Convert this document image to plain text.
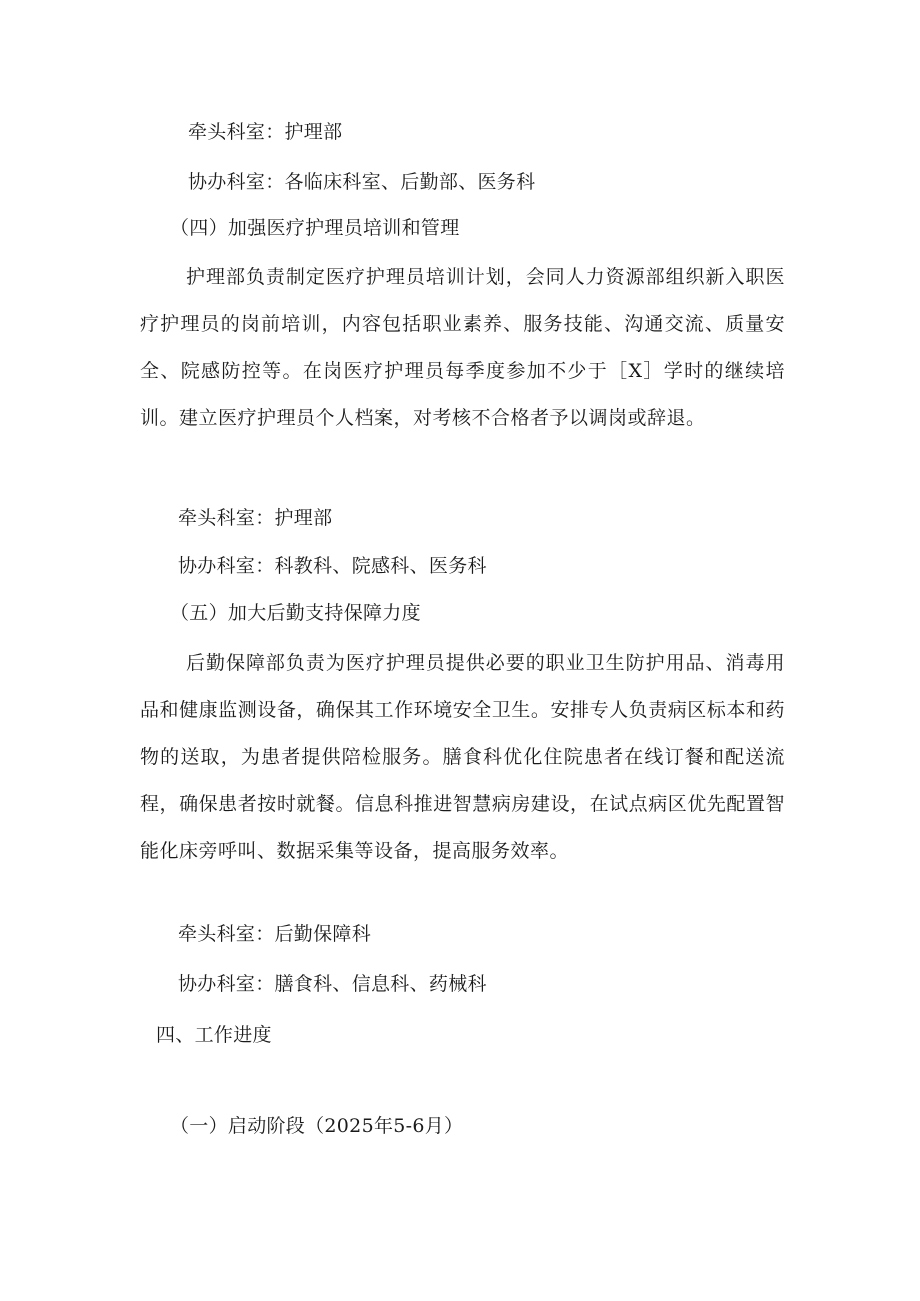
牵头科室：护理部
协办科室：各临床科室、后勤部、医务科
（四）加强医疗护理员培训和管理
护理部负责制定医疗护理员培训计划，会同人力资源部组织新入职医疗护理员的岗前培训，内容包括职业素养、服务技能、沟通交流、质量安全、院感防控等。在岗医疗护理员每季度参加不少于［X］学时的继续培训。建立医疗护理员个人档案，对考核不合格者予以调岗或辞退。
牵头科室：护理部
协办科室：科教科、院感科、医务科
（五）加大后勤支持保障力度
后勤保障部负责为医疗护理员提供必要的职业卫生防护用品、消毒用品和健康监测设备，确保其工作环境安全卫生。安排专人负责病区标本和药物的送取，为患者提供陪检服务。膳食科优化住院患者在线订餐和配送流程，确保患者按时就餐。信息科推进智慧病房建设，在试点病区优先配置智能化床旁呼叫、数据采集等设备，提高服务效率。
牵头科室：后勤保障科
协办科室：膳食科、信息科、药械科
四、工作进度
（一）启动阶段（2025年5-6月）
